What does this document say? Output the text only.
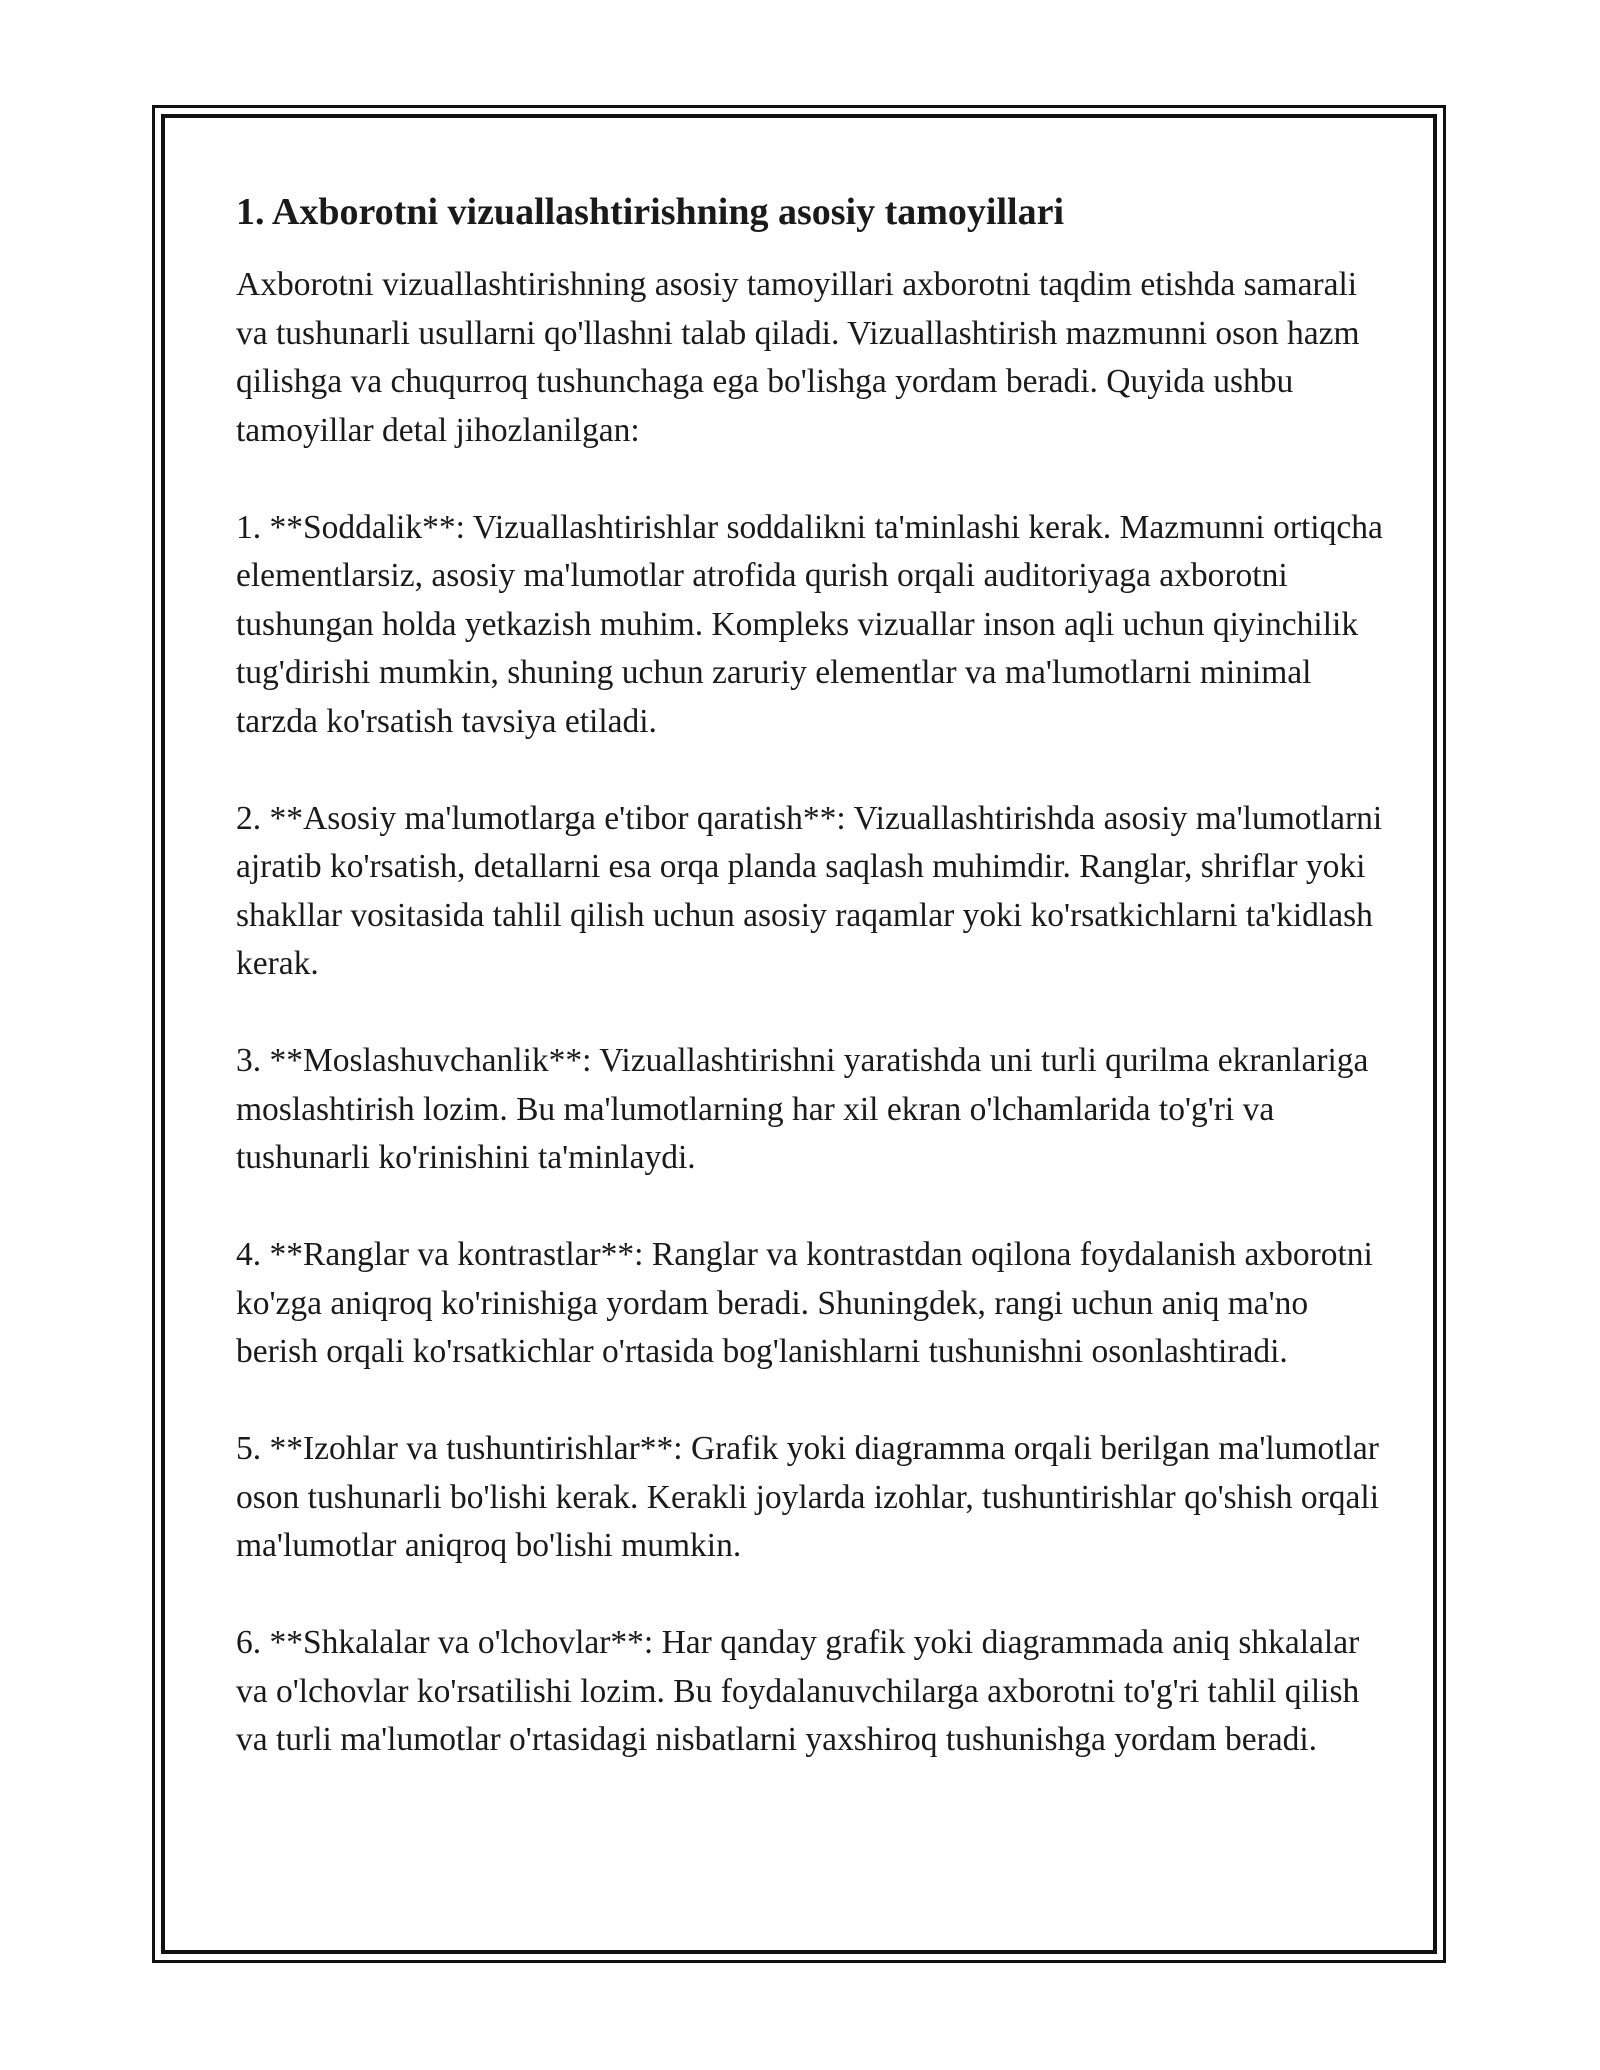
1. Axborotni vizuallashtirishning asosiy tamoyillari

Axborotni vizuallashtirishning asosiy tamoyillari axborotni taqdim etishda samarali va tushunarli usullarni qo'llashni talab qiladi. Vizuallashtirish mazmunni oson hazm qilishga va chuqurroq tushunchaga ega bo'lishga yordam beradi. Quyida ushbu tamoyillar detal jihozlanilgan:

1. **Soddalik**: Vizuallashtirishlar soddalikni ta'minlashi kerak. Mazmunni ortiqcha elementlarsiz, asosiy ma'lumotlar atrofida qurish orqali auditoriyaga axborotni tushungan holda yetkazish muhim. Kompleks vizuallar inson aqli uchun qiyinchilik tug'dirishi mumkin, shuning uchun zaruriy elementlar va ma'lumotlarni minimal tarzda ko'rsatish tavsiya etiladi.

2. **Asosiy ma'lumotlarga e'tibor qaratish**: Vizuallashtirishda asosiy ma'lumotlarni ajratib ko'rsatish, detallarni esa orqa planda saqlash muhimdir. Ranglar, shriflar yoki shakllar vositasida tahlil qilish uchun asosiy raqamlar yoki ko'rsatkichlarni ta'kidlash kerak.

3. **Moslashuvchanlik**: Vizuallashtirishni yaratishda uni turli qurilma ekranlariga moslashtirish lozim. Bu ma'lumotlarning har xil ekran o'lchamlarida to'g'ri va tushunarli ko'rinishini ta'minlaydi.

4. **Ranglar va kontrastlar**: Ranglar va kontrastdan oqilona foydalanish axborotni ko'zga aniqroq ko'rinishiga yordam beradi. Shuningdek, rangi uchun aniq ma'no berish orqali ko'rsatkichlar o'rtasida bog'lanishlarni tushunishni osonlashtiradi.

5. **Izohlar va tushuntirishlar**: Grafik yoki diagramma orqali berilgan ma'lumotlar oson tushunarli bo'lishi kerak. Kerakli joylarda izohlar, tushuntirishlar qo'shish orqali ma'lumotlar aniqroq bo'lishi mumkin.

6. **Shkalalar va o'lchovlar**: Har qanday grafik yoki diagrammada aniq shkalalar va o'lchovlar ko'rsatilishi lozim. Bu foydalanuvchilarga axborotni to'g'ri tahlil qilish va turli ma'lumotlar o'rtasidagi nisbatlarni yaxshiroq tushunishga yordam beradi.
